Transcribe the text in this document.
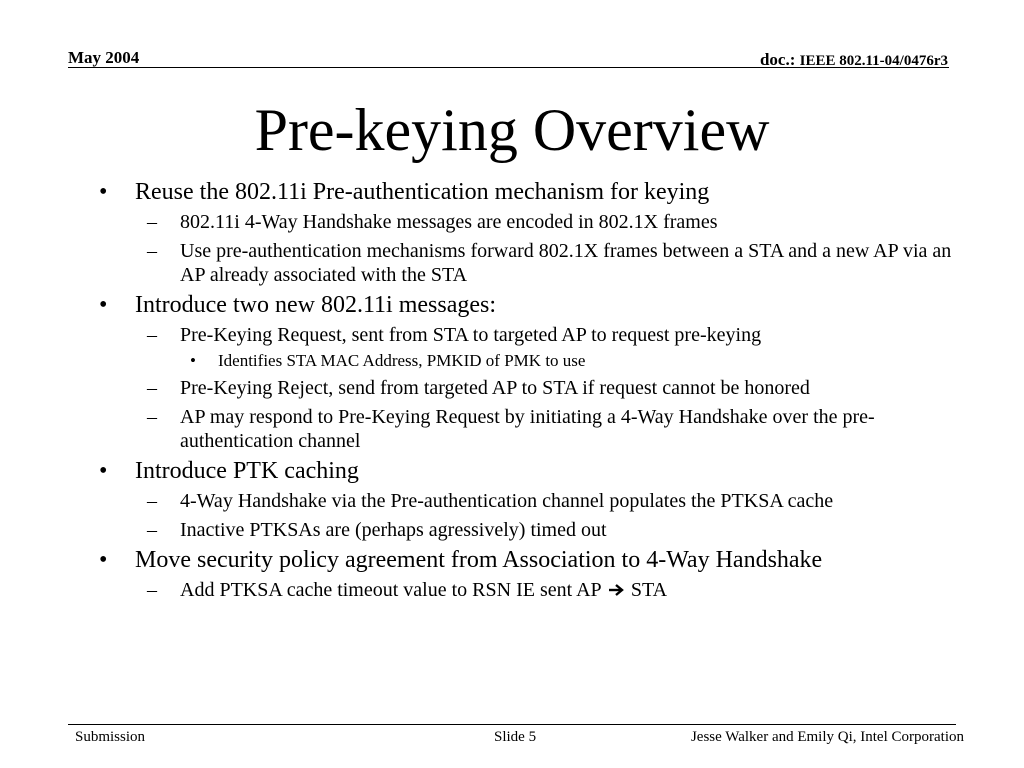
May 2004	doc.: IEEE 802.11-04/0476r3
Pre-keying Overview
• Reuse the 802.11i Pre-authentication mechanism for keying
– 802.11i 4-Way Handshake messages are encoded in 802.1X frames
– Use pre-authentication mechanisms forward 802.1X frames between a STA and a new AP via an AP already associated with the STA
• Introduce two new 802.11i messages:
– Pre-Keying Request, sent from STA to targeted AP to request pre-keying
• Identifies STA MAC Address, PMKID of PMK to use
– Pre-Keying Reject, send from targeted AP to STA if request cannot be honored
– AP may respond to Pre-Keying Request by initiating a 4-Way Handshake over the pre-authentication channel
• Introduce PTK caching
– 4-Way Handshake via the Pre-authentication channel populates the PTKSA cache
– Inactive PTKSAs are (perhaps agressively) timed out
• Move security policy agreement from Association to 4-Way Handshake
– Add PTKSA cache timeout value to RSN IE sent AP STA
Submission	Slide 5	Jesse Walker and Emily Qi, Intel Corporation
